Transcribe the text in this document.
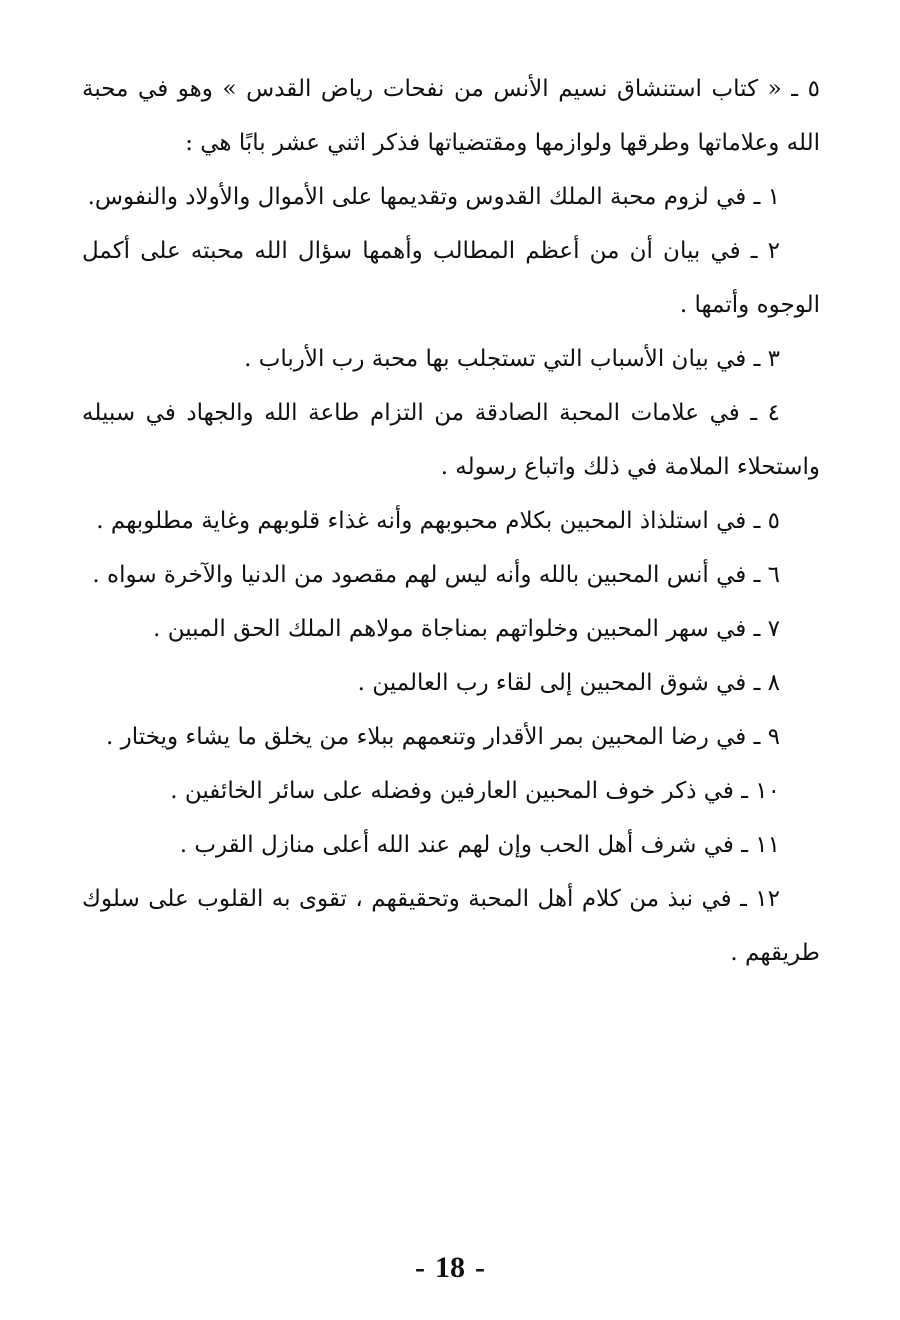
٥ ـ « كتاب استنشاق نسيم الأنس من نفحات رياض القدس » وهو في محبة الله وعلاماتها وطرقها ولوازمها ومقتضياتها فذكر اثني عشر بابًا هي :

١ ـ في لزوم محبة الملك القدوس وتقديمها على الأموال والأولاد والنفوس.

٢ ـ في بيان أن من أعظم المطالب وأهمها سؤال الله محبته على أكمل الوجوه وأتمها .

٣ ـ في بيان الأسباب التي تستجلب بها محبة رب الأرباب .

٤ ـ في علامات المحبة الصادقة من التزام طاعة الله والجهاد في سبيله واستحلاء الملامة في ذلك واتباع رسوله .

٥ ـ في استلذاذ المحبين بكلام محبوبهم وأنه غذاء قلوبهم وغاية مطلوبهم .

٦ ـ في أنس المحبين بالله وأنه ليس لهم مقصود من الدنيا والآخرة سواه .

٧ ـ في سهر المحبين وخلواتهم بمناجاة مولاهم الملك الحق المبين .

٨ ـ في شوق المحبين إلى لقاء رب العالمين .

٩ ـ في رضا المحبين بمر الأقدار وتنعمهم ببلاء من يخلق ما يشاء ويختار .

١٠ ـ في ذكر خوف المحبين العارفين وفضله على سائر الخائفين .

١١ ـ في شرف أهل الحب وإن لهم عند الله أعلى منازل القرب .

١٢ ـ في نبذ من كلام أهل المحبة وتحقيقهم ، تقوى به القلوب على سلوك طريقهم .

- 18 -
